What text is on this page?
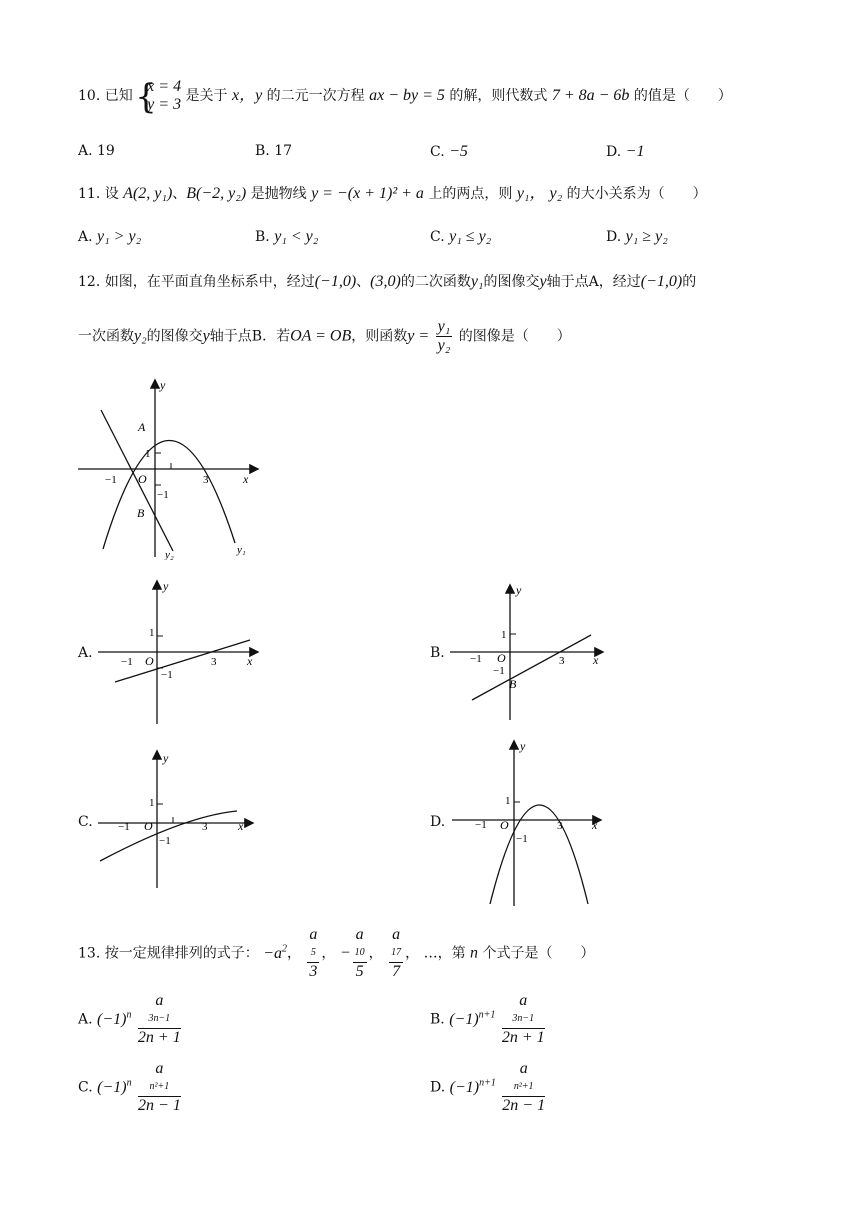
10. 已知 {
x = 4
y = 3 是关于 x，y 的二元一次方程 ax − by = 5 的解，则代数式 7 + 8a − 6b 的值是（　　）
A. 19	B. 17	C. −5	D. −1
11. 设 A(2, y₁)、B(−2, y₂) 是抛物线 y = −(x + 1)² + a 上的两点，则 y₁， y₂ 的大小关系为（　　）
A. y₁ > y₂	B. y₁ < y₂	C. y₁ ≤ y₂	D. y₁ ≥ y₂
12. 如图，在平面直角坐标系中，经过(−1,0)、(3,0)的二次函数y₁的图像交y轴于点A，经过(−1,0)的
一次函数y₂的图像交y轴于点B．若OA = OB，则函数$y = \frac{\text{y₁}}{\text{y₂}}$ 的图像是（　　）
y
x
A
B
O
1
−1	3
−1
y₁
y₂
A.
y
x
O
1
−1	3
−1
B.
y
x
O
1
−1	3
−1
B
C.
y
x
O
1
−1	3
−1
D.
y
x
O
1
−1	3
−1
13. 按一定规律排列的式子： $-a^2$， a
5
3 ， − a
10
5 ， a
17
7 ， …，第 n 个式子是（　　）
A. $(-1)^n$ a
3n−1
2n + 1	B. $(-1)^{n+1}$ a
3n−1
2n + 1
C. $(-1)^n$ a
n²+1
2n − 1	D. $(-1)^{n+1}$ a
n²+1
2n − 1
